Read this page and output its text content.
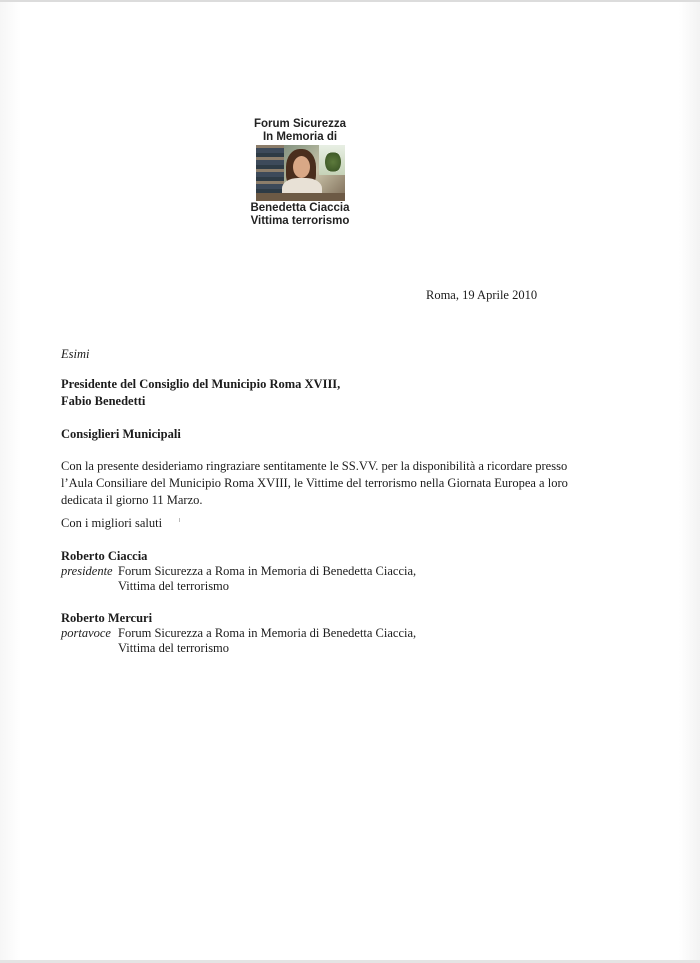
Forum Sicurezza
In Memoria di
Benedetta Ciaccia
Vittima terrorismo
Roma, 19 Aprile 2010
Esimi
Presidente del Consiglio del Municipio Roma XVIII,
Fabio Benedetti
Consiglieri Municipali
Con la presente desideriamo ringraziare sentitamente le SS.VV. per la disponibilità a ricordare presso
l’Aula Consiliare del Municipio Roma XVIII, le Vittime del terrorismo nella Giornata Europea a loro
dedicata il giorno 11 Marzo.
Con i migliori saluti
Roberto Ciaccia
presidente Forum Sicurezza a Roma in Memoria di Benedetta Ciaccia,
Vittima del terrorismo
Roberto Mercuri
portavoce Forum Sicurezza a Roma in Memoria di Benedetta Ciaccia,
Vittima del terrorismo
